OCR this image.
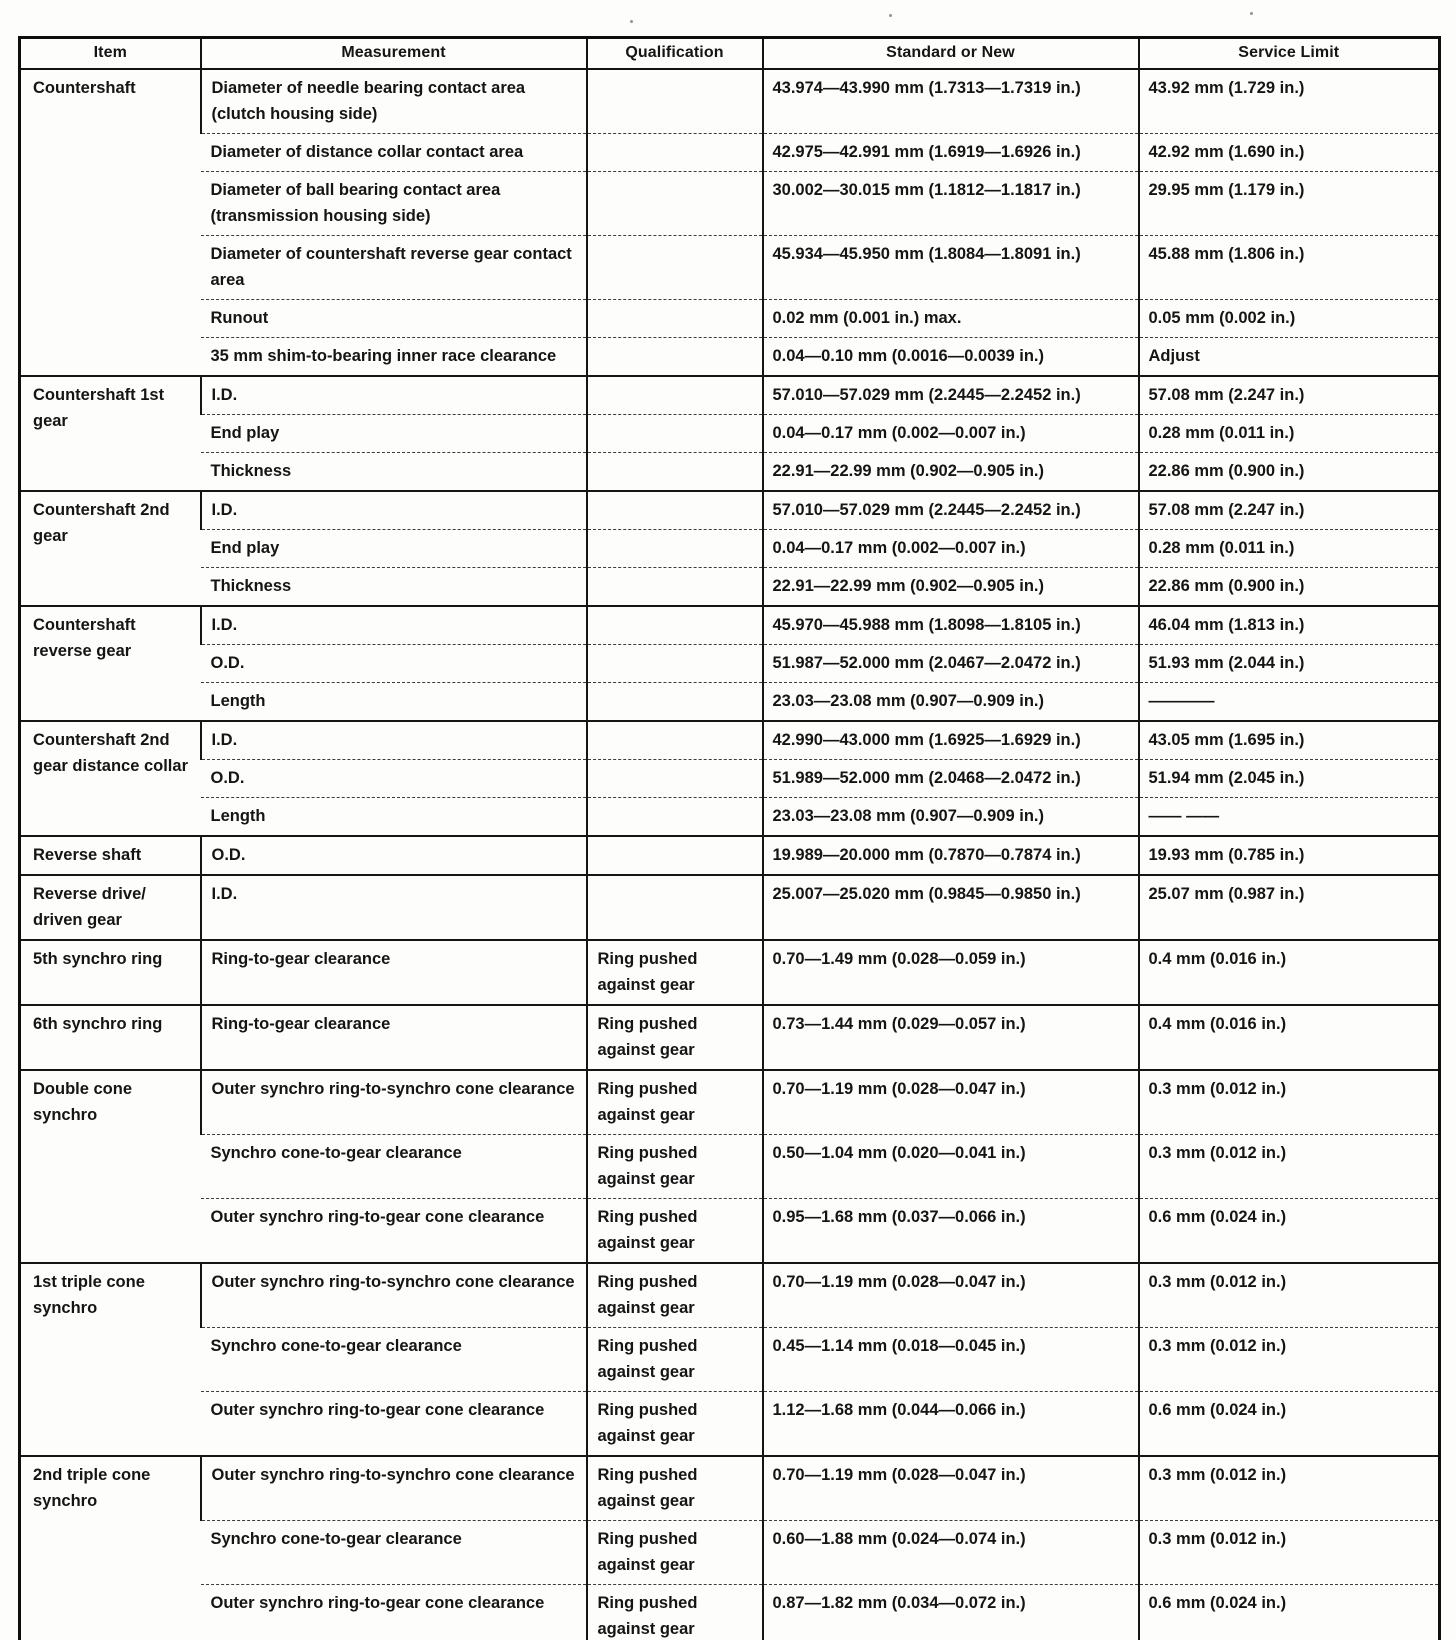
Item	Measurement	Qualification	Standard or New	Service Limit
Countershaft	Diameter of needle bearing contact area (clutch housing side)		43.974—43.990 mm (1.7313—1.7319 in.)	43.92 mm (1.729 in.)
	Diameter of distance collar contact area		42.975—42.991 mm (1.6919—1.6926 in.)	42.92 mm (1.690 in.)
	Diameter of ball bearing contact area (transmission housing side)		30.002—30.015 mm (1.1812—1.1817 in.)	29.95 mm (1.179 in.)
	Diameter of countershaft reverse gear contact area		45.934—45.950 mm (1.8084—1.8091 in.)	45.88 mm (1.806 in.)
	Runout		0.02 mm (0.001 in.) max.	0.05 mm (0.002 in.)
	35 mm shim-to-bearing inner race clearance		0.04—0.10 mm (0.0016—0.0039 in.)	Adjust
Countershaft 1st gear	I.D.		57.010—57.029 mm (2.2445—2.2452 in.)	57.08 mm (2.247 in.)
	End play		0.04—0.17 mm (0.002—0.007 in.)	0.28 mm (0.011 in.)
	Thickness		22.91—22.99 mm (0.902—0.905 in.)	22.86 mm (0.900 in.)
Countershaft 2nd gear	I.D.		57.010—57.029 mm (2.2445—2.2452 in.)	57.08 mm (2.247 in.)
	End play		0.04—0.17 mm (0.002—0.007 in.)	0.28 mm (0.011 in.)
	Thickness		22.91—22.99 mm (0.902—0.905 in.)	22.86 mm (0.900 in.)
Countershaft reverse gear	I.D.		45.970—45.988 mm (1.8098—1.8105 in.)	46.04 mm (1.813 in.)
	O.D.		51.987—52.000 mm (2.0467—2.0472 in.)	51.93 mm (2.044 in.)
	Length		23.03—23.08 mm (0.907—0.909 in.)	————
Countershaft 2nd gear distance collar	I.D.		42.990—43.000 mm (1.6925—1.6929 in.)	43.05 mm (1.695 in.)
	O.D.		51.989—52.000 mm (2.0468—2.0472 in.)	51.94 mm (2.045 in.)
	Length		23.03—23.08 mm (0.907—0.909 in.)	—— ——
Reverse shaft	O.D.		19.989—20.000 mm (0.7870—0.7874 in.)	19.93 mm (0.785 in.)
Reverse drive/ driven gear	I.D.		25.007—25.020 mm (0.9845—0.9850 in.)	25.07 mm (0.987 in.)
5th synchro ring	Ring-to-gear clearance	Ring pushed against gear	0.70—1.49 mm (0.028—0.059 in.)	0.4 mm (0.016 in.)
6th synchro ring	Ring-to-gear clearance	Ring pushed against gear	0.73—1.44 mm (0.029—0.057 in.)	0.4 mm (0.016 in.)
Double cone synchro	Outer synchro ring-to-synchro cone clearance	Ring pushed against gear	0.70—1.19 mm (0.028—0.047 in.)	0.3 mm (0.012 in.)
	Synchro cone-to-gear clearance	Ring pushed against gear	0.50—1.04 mm (0.020—0.041 in.)	0.3 mm (0.012 in.)
	Outer synchro ring-to-gear cone clearance	Ring pushed against gear	0.95—1.68 mm (0.037—0.066 in.)	0.6 mm (0.024 in.)
1st triple cone synchro	Outer synchro ring-to-synchro cone clearance	Ring pushed against gear	0.70—1.19 mm (0.028—0.047 in.)	0.3 mm (0.012 in.)
	Synchro cone-to-gear clearance	Ring pushed against gear	0.45—1.14 mm (0.018—0.045 in.)	0.3 mm (0.012 in.)
	Outer synchro ring-to-gear cone clearance	Ring pushed against gear	1.12—1.68 mm (0.044—0.066 in.)	0.6 mm (0.024 in.)
2nd triple cone synchro	Outer synchro ring-to-synchro cone clearance	Ring pushed against gear	0.70—1.19 mm (0.028—0.047 in.)	0.3 mm (0.012 in.)
	Synchro cone-to-gear clearance	Ring pushed against gear	0.60—1.88 mm (0.024—0.074 in.)	0.3 mm (0.012 in.)
	Outer synchro ring-to-gear cone clearance	Ring pushed against gear	0.87—1.82 mm (0.034—0.072 in.)	0.6 mm (0.024 in.)
